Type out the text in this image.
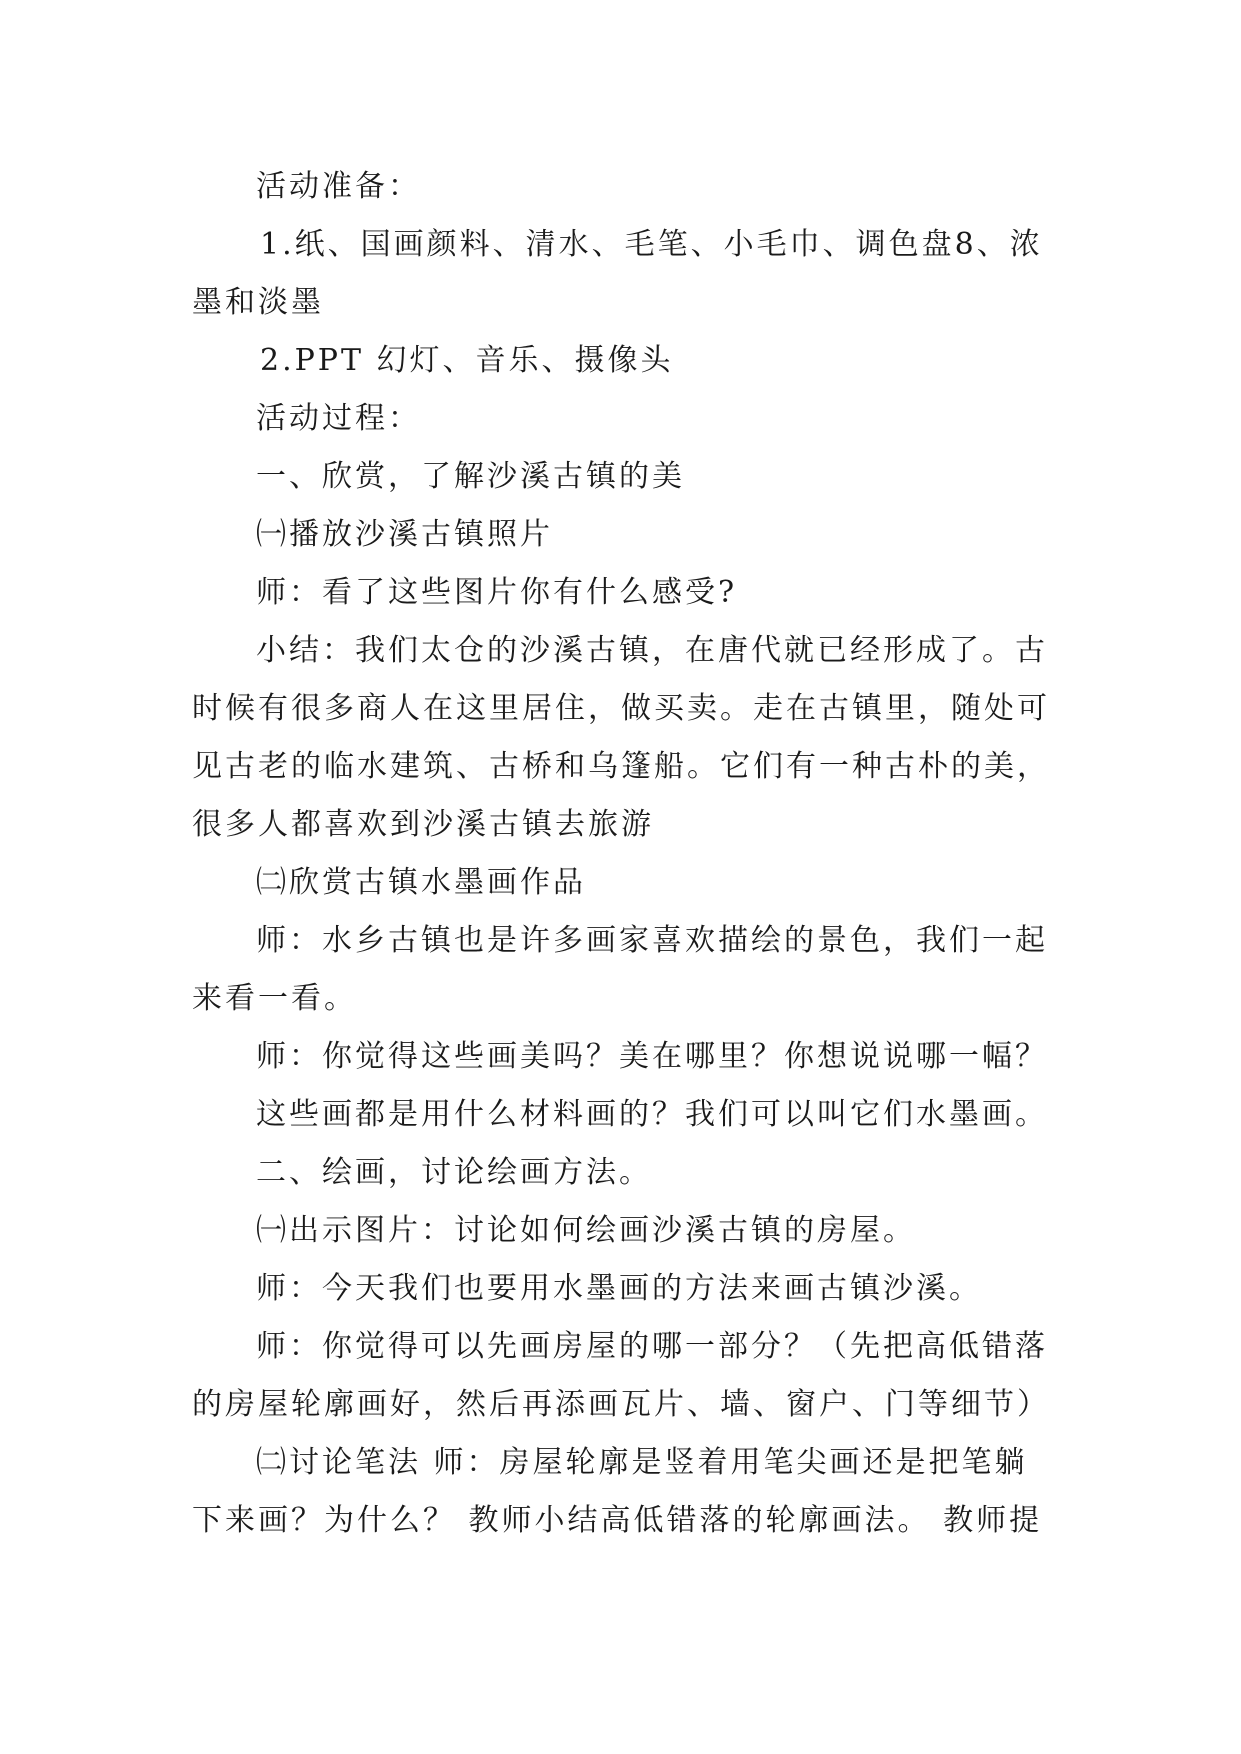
活动准备：

1.纸、国画颜料、清水、毛笔、小毛巾、调色盘8、浓

墨和淡墨

2.PPT 幻灯、音乐、摄像头

活动过程：

一、欣赏，了解沙溪古镇的美

㈠播放沙溪古镇照片

师：看了这些图片你有什么感受?

小结：我们太仓的沙溪古镇，在唐代就已经形成了。古

时候有很多商人在这里居住，做买卖。走在古镇里，随处可

见古老的临水建筑、古桥和乌篷船。它们有一种古朴的美，

很多人都喜欢到沙溪古镇去旅游

㈡欣赏古镇水墨画作品

师：水乡古镇也是许多画家喜欢描绘的景色，我们一起

来看一看。

师：你觉得这些画美吗？美在哪里？你想说说哪一幅？

这些画都是用什么材料画的？我们可以叫它们水墨画。

二、绘画，讨论绘画方法。

㈠出示图片：讨论如何绘画沙溪古镇的房屋。

师：今天我们也要用水墨画的方法来画古镇沙溪。

师：你觉得可以先画房屋的哪一部分？（先把高低错落

的房屋轮廓画好，然后再添画瓦片、墙、窗户、门等细节）

㈡讨论笔法 师：房屋轮廓是竖着用笔尖画还是把笔躺

下来画？为什么？ 教师小结高低错落的轮廓画法。 教师提
